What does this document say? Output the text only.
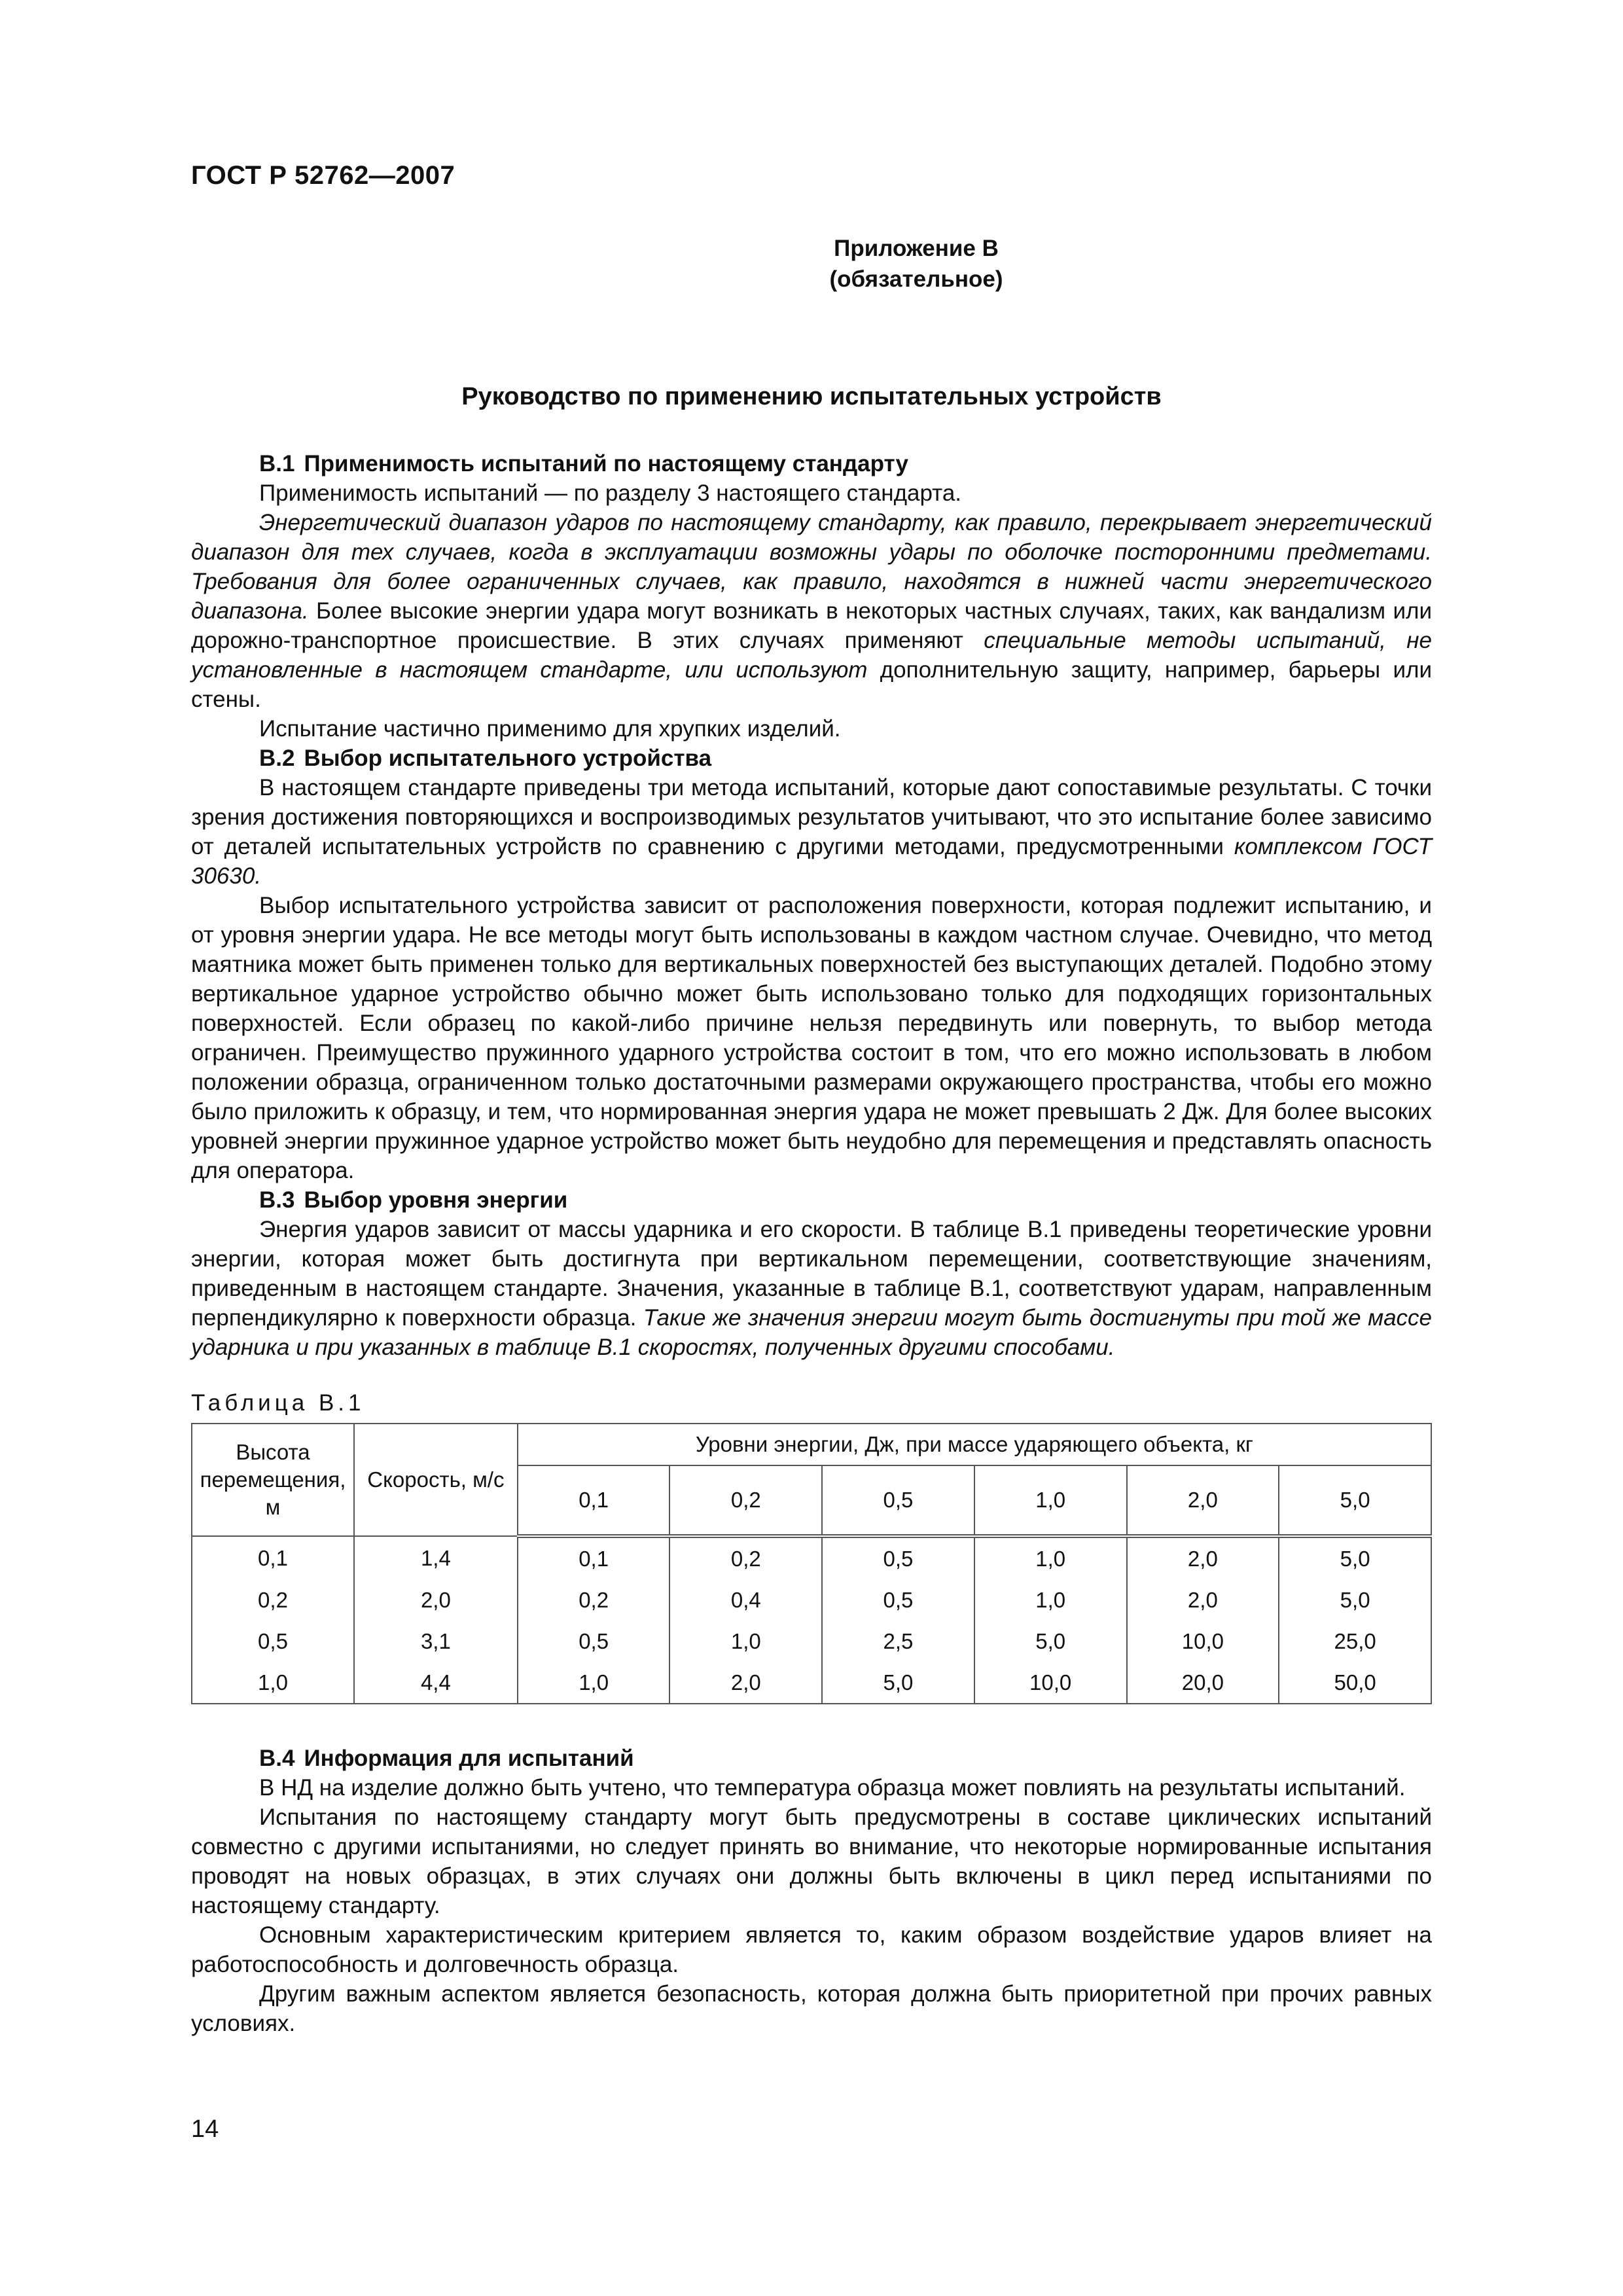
ГОСТ Р 52762—2007
Приложение В
(обязательное)
Руководство по применению испытательных устройств
В.1 Применимость испытаний по настоящему стандарту

Применимость испытаний — по разделу 3 настоящего стандарта.

Энергетический диапазон ударов по настоящему стандарту, как правило, перекрывает энергетический диапазон для тех случаев, когда в эксплуатации возможны удары по оболочке посторонними предметами. Требования для более ограниченных случаев, как правило, находятся в нижней части энергетического диапазона. Более высокие энергии удара могут возникать в некоторых частных случаях, таких, как вандализм или дорожно-транспортное происшествие. В этих случаях применяют специальные методы испытаний, не установленные в настоящем стандарте, или используют дополнительную защиту, например, барьеры или стены.

Испытание частично применимо для хрупких изделий.

В.2 Выбор испытательного устройства

В настоящем стандарте приведены три метода испытаний, которые дают сопоставимые результаты. С точки зрения достижения повторяющихся и воспроизводимых результатов учитывают, что это испытание более зависимо от деталей испытательных устройств по сравнению с другими методами, предусмотренными комплексом ГОСТ 30630.

Выбор испытательного устройства зависит от расположения поверхности, которая подлежит испытанию, и от уровня энергии удара. Не все методы могут быть использованы в каждом частном случае. Очевидно, что метод маятника может быть применен только для вертикальных поверхностей без выступающих деталей. Подобно этому вертикальное ударное устройство обычно может быть использовано только для подходящих горизонтальных поверхностей. Если образец по какой-либо причине нельзя передвинуть или повернуть, то выбор метода ограничен. Преимущество пружинного ударного устройства состоит в том, что его можно использовать в любом положении образца, ограниченном только достаточными размерами окружающего пространства, чтобы его можно было приложить к образцу, и тем, что нормированная энергия удара не может превышать 2 Дж. Для более высоких уровней энергии пружинное ударное устройство может быть неудобно для перемещения и представлять опасность для оператора.

В.3 Выбор уровня энергии

Энергия ударов зависит от массы ударника и его скорости. В таблице В.1 приведены теоретические уровни энергии, которая может быть достигнута при вертикальном перемещении, соответствующие значениям, приведенным в настоящем стандарте. Значения, указанные в таблице В.1, соответствуют ударам, направленным перпендикулярно к поверхности образца. Такие же значения энергии могут быть достигнуты при той же массе ударника и при указанных в таблице В.1 скоростях, полученных другими способами.

Таблица В.1
Высота перемещения, м	Скорость, м/с	Уровни энергии, Дж, при массе ударяющего объекта, кг					
		0,1	0,2	0,5	1,0	2,0	5,0
0,1	1,4	0,1	0,2	0,5	1,0	2,0	5,0
0,2	2,0	0,2	0,4	0,5	1,0	2,0	5,0
0,5	3,1	0,5	1,0	2,5	5,0	10,0	25,0
1,0	4,4	1,0	2,0	5,0	10,0	20,0	50,0
В.4 Информация для испытаний

В НД на изделие должно быть учтено, что температура образца может повлиять на результаты испытаний.

Испытания по настоящему стандарту могут быть предусмотрены в составе циклических испытаний совместно с другими испытаниями, но следует принять во внимание, что некоторые нормированные испытания проводят на новых образцах, в этих случаях они должны быть включены в цикл перед испытаниями по настоящему стандарту.

Основным характеристическим критерием является то, каким образом воздействие ударов влияет на работоспособность и долговечность образца.

Другим важным аспектом является безопасность, которая должна быть приоритетной при прочих равных условиях.

14
